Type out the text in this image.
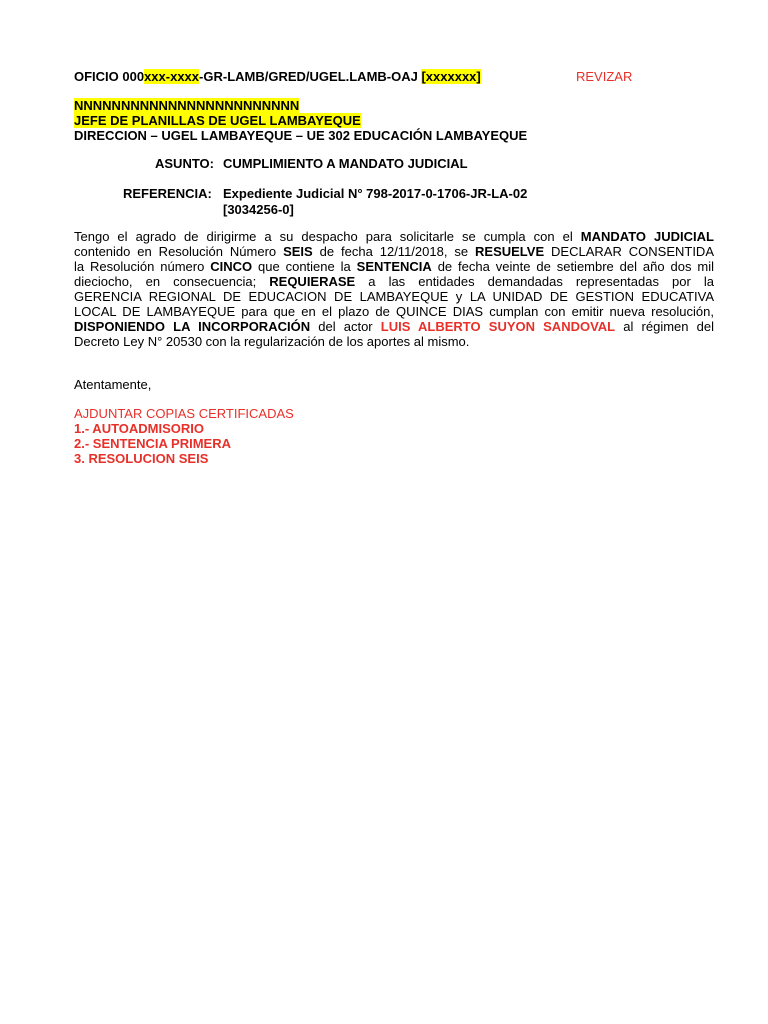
OFICIO 000xxx-xxxx-GR-LAMB/GRED/UGEL.LAMB-OAJ [xxxxxxx]	REVIZAR
NNNNNNNNNNNNNNNNNNNNNNNN
JEFE DE PLANILLAS DE UGEL LAMBAYEQUE
DIRECCION – UGEL LAMBAYEQUE – UE 302 EDUCACIÓN LAMBAYEQUE
ASUNTO: CUMPLIMIENTO A MANDATO JUDICIAL
REFERENCIA: Expediente Judicial N° 798-2017-0-1706-JR-LA-02
[3034256-0]
Tengo el agrado de dirigirme a su despacho para solicitarle se cumpla con el MANDATO JUDICIAL
contenido en Resolución Número SEIS de fecha 12/11/2018, se RESUELVE DECLARAR CONSENTIDA
la Resolución número CINCO que contiene la SENTENCIA de fecha veinte de setiembre del año dos mil
dieciocho, en consecuencia; REQUIERASE a las entidades demandadas representadas por la
GERENCIA REGIONAL DE EDUCACION DE LAMBAYEQUE y LA UNIDAD DE GESTION EDUCATIVA
LOCAL DE LAMBAYEQUE para que en el plazo de QUINCE DIAS cumplan con emitir nueva resolución,
DISPONIENDO LA INCORPORACIÓN del actor LUIS ALBERTO SUYON SANDOVAL al régimen del
Decreto Ley N° 20530 con la regularización de los aportes al mismo.
Atentamente,
AJDUNTAR COPIAS CERTIFICADAS
1.- AUTOADMISORIO
2.- SENTENCIA PRIMERA
3. RESOLUCION SEIS
